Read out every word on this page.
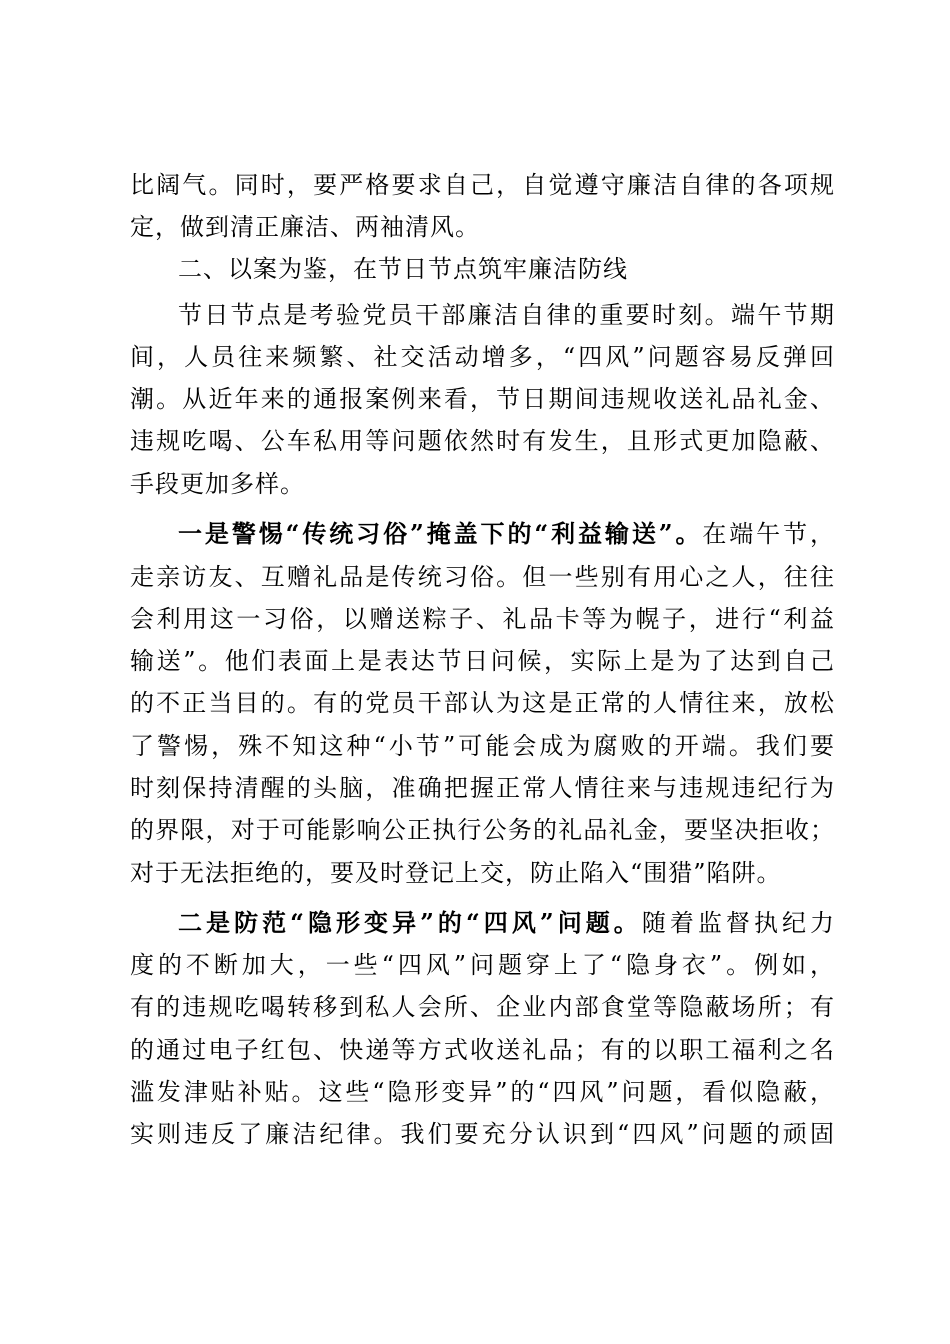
比阔气。同时，要严格要求自己，自觉遵守廉洁自律的各项规
定，做到清正廉洁、两袖清风。
二、以案为鉴，在节日节点筑牢廉洁防线
节日节点是考验党员干部廉洁自律的重要时刻。端午节期
间，人员往来频繁、社交活动增多，“四风”问题容易反弹回
潮。从近年来的通报案例来看，节日期间违规收送礼品礼金、
违规吃喝、公车私用等问题依然时有发生，且形式更加隐蔽、
手段更加多样。
一是警惕“传统习俗”掩盖下的“利益输送”。在端午节，
走亲访友、互赠礼品是传统习俗。但一些别有用心之人，往往
会利用这一习俗，以赠送粽子、礼品卡等为幌子，进行“利益
输送”。他们表面上是表达节日问候，实际上是为了达到自己
的不正当目的。有的党员干部认为这是正常的人情往来，放松
了警惕，殊不知这种“小节”可能会成为腐败的开端。我们要
时刻保持清醒的头脑，准确把握正常人情往来与违规违纪行为
的界限，对于可能影响公正执行公务的礼品礼金，要坚决拒收；
对于无法拒绝的，要及时登记上交，防止陷入“围猎”陷阱。
二是防范“隐形变异”的“四风”问题。随着监督执纪力
度的不断加大，一些“四风”问题穿上了“隐身衣”。例如，
有的违规吃喝转移到私人会所、企业内部食堂等隐蔽场所；有
的通过电子红包、快递等方式收送礼品；有的以职工福利之名
滥发津贴补贴。这些“隐形变异”的“四风”问题，看似隐蔽，
实则违反了廉洁纪律。我们要充分认识到“四风”问题的顽固
